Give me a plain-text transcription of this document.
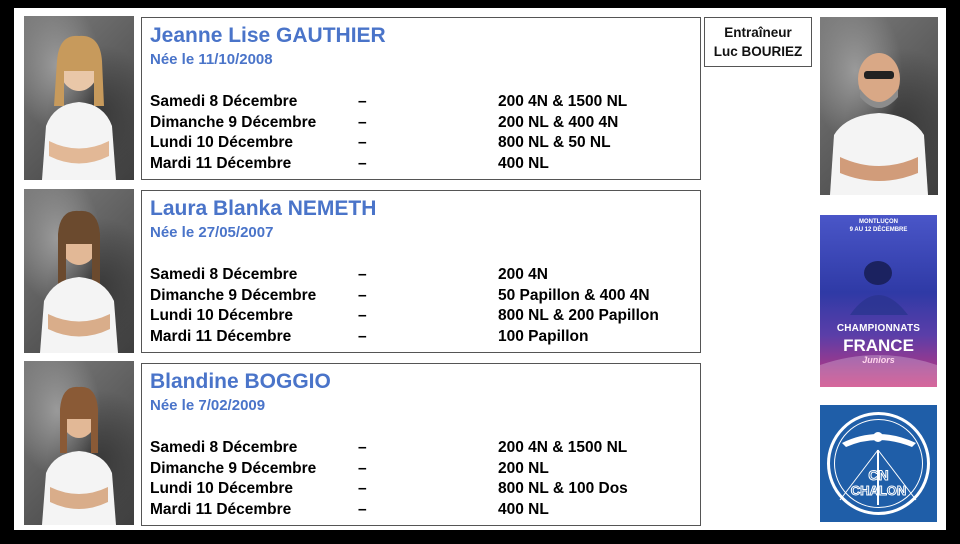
Jeanne Lise GAUTHIER
Née le 11/10/2008
Samedi 8 Décembre	–	200 4N & 1500 NL
Dimanche 9 Décembre	–	200 NL & 400 4N
Lundi 10 Décembre	–	800 NL & 50 NL
Mardi 11 Décembre	–	400 NL
Laura Blanka NEMETH
Née le 27/05/2007
Samedi 8 Décembre	–	200 4N
Dimanche 9 Décembre	–	50 Papillon & 400 4N
Lundi 10 Décembre	–	800 NL & 200 Papillon
Mardi 11 Décembre	–	100 Papillon
Blandine BOGGIO
Née le 7/02/2009
Samedi 8 Décembre	–	200 4N & 1500 NL
Dimanche 9 Décembre	–	200 NL
Lundi 10 Décembre	–	800 NL & 100 Dos
Mardi 11 Décembre	–	400 NL
Entraîneur
Luc BOURIEZ
MONTLUÇON
9 AU 12 DÉCEMBRE
CHAMPIONNATS
FRANCE
Juniors
CN
CHALON
